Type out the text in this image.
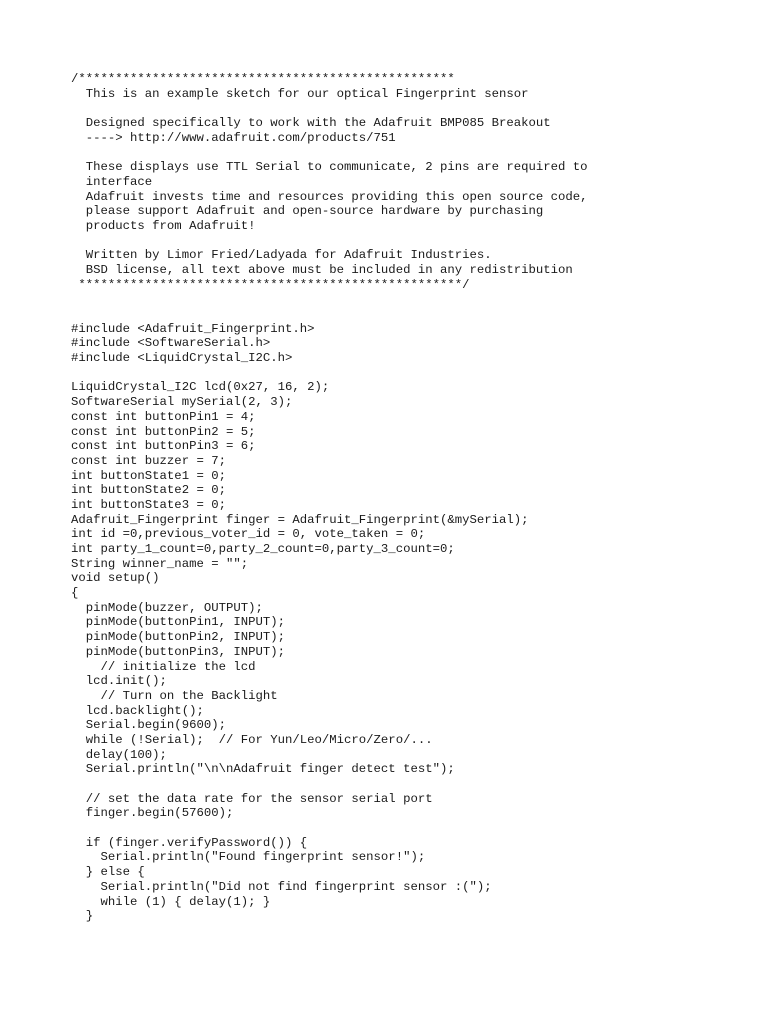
/***************************************************
This is an example sketch for our optical Fingerprint sensor
Designed specifically to work with the Adafruit BMP085 Breakout
----> http://www.adafruit.com/products/751
These displays use TTL Serial to communicate, 2 pins are required to
interface
Adafruit invests time and resources providing this open source code,
please support Adafruit and open-source hardware by purchasing
products from Adafruit!
Written by Limor Fried/Ladyada for Adafruit Industries.
BSD license, all text above must be included in any redistribution
****************************************************/
#include <Adafruit_Fingerprint.h>
#include <SoftwareSerial.h>
#include <LiquidCrystal_I2C.h>
LiquidCrystal_I2C lcd(0x27, 16, 2);
SoftwareSerial mySerial(2, 3);
const int buttonPin1 = 4;
const int buttonPin2 = 5;
const int buttonPin3 = 6;
const int buzzer = 7;
int buttonState1 = 0;
int buttonState2 = 0;
int buttonState3 = 0;
Adafruit_Fingerprint finger = Adafruit_Fingerprint(&mySerial);
int id =0,previous_voter_id = 0, vote_taken = 0;
int party_1_count=0,party_2_count=0,party_3_count=0;
String winner_name = "";
void setup()
{
pinMode(buzzer, OUTPUT);
pinMode(buttonPin1, INPUT);
pinMode(buttonPin2, INPUT);
pinMode(buttonPin3, INPUT);
// initialize the lcd
lcd.init();
// Turn on the Backlight
lcd.backlight();
Serial.begin(9600);
while (!Serial);  // For Yun/Leo/Micro/Zero/...
delay(100);
Serial.println("\n\nAdafruit finger detect test");
// set the data rate for the sensor serial port
finger.begin(57600);
if (finger.verifyPassword()) {
Serial.println("Found fingerprint sensor!");
} else {
Serial.println("Did not find fingerprint sensor :(");
while (1) { delay(1); }
}
